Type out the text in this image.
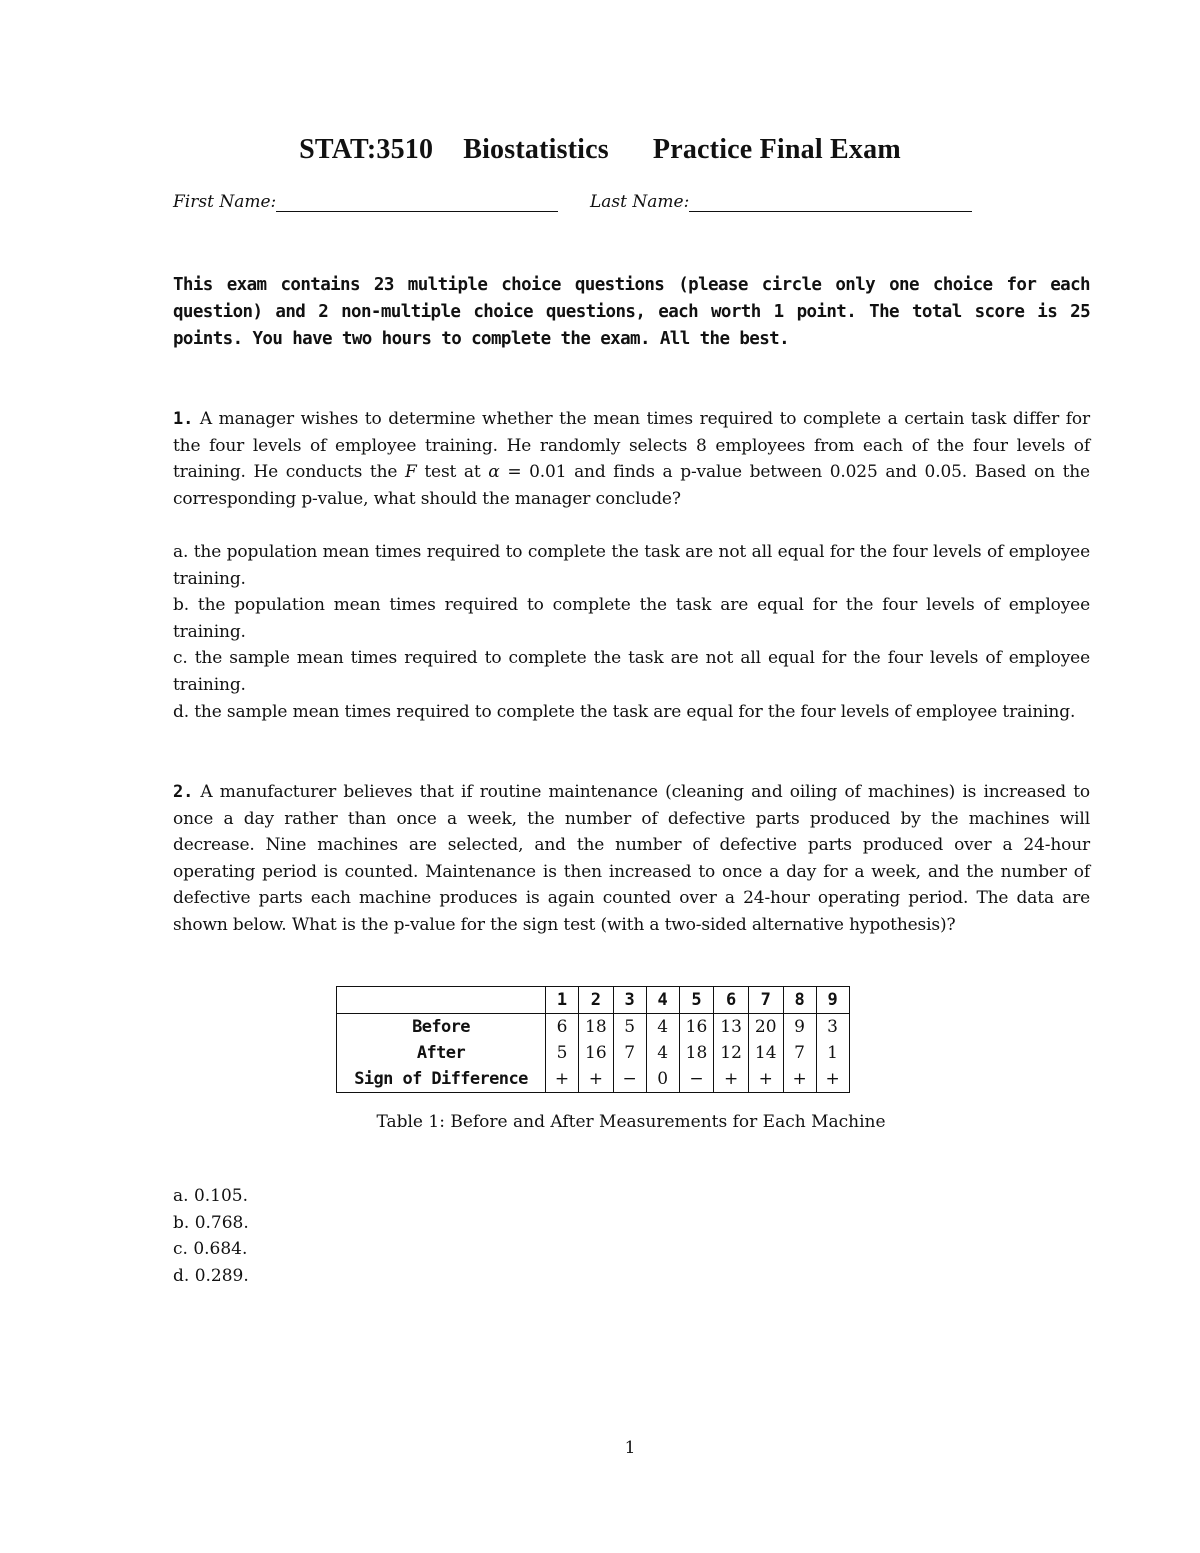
STAT:3510 Biostatistics Practice Final Exam
First Name:	Last Name:
This exam contains 23 multiple choice questions (please circle only one choice for each question) and 2 non-multiple choice questions, each worth 1 point. The total score is 25 points. You have two hours to complete the exam. All the best.
1. A manager wishes to determine whether the mean times required to complete a certain task differ for the four levels of employee training. He randomly selects 8 employees from each of the four levels of training. He conducts the F test at α = 0.01 and finds a p-value between 0.025 and 0.05. Based on the corresponding p-value, what should the manager conclude?
a. the population mean times required to complete the task are not all equal for the four levels of employee training.
b. the population mean times required to complete the task are equal for the four levels of employee training.
c. the sample mean times required to complete the task are not all equal for the four levels of employee training.
d. the sample mean times required to complete the task are equal for the four levels of employee training.
2. A manufacturer believes that if routine maintenance (cleaning and oiling of machines) is increased to once a day rather than once a week, the number of defective parts produced by the machines will decrease. Nine machines are selected, and the number of defective parts produced over a 24-hour operating period is counted. Maintenance is then increased to once a day for a week, and the number of defective parts each machine produces is again counted over a 24-hour operating period. The data are shown below. What is the p-value for the sign test (with a two-sided alternative hypothesis)?
	1	2	3	4	5	6	7	8	9
Before	6	18	5	4	16	13	20	9	3
After	5	16	7	4	18	12	14	7	1
Sign of Difference	+	+	−	0	−	+	+	+	+
Table 1: Before and After Measurements for Each Machine
a. 0.105.
b. 0.768.
c. 0.684.
d. 0.289.
1
